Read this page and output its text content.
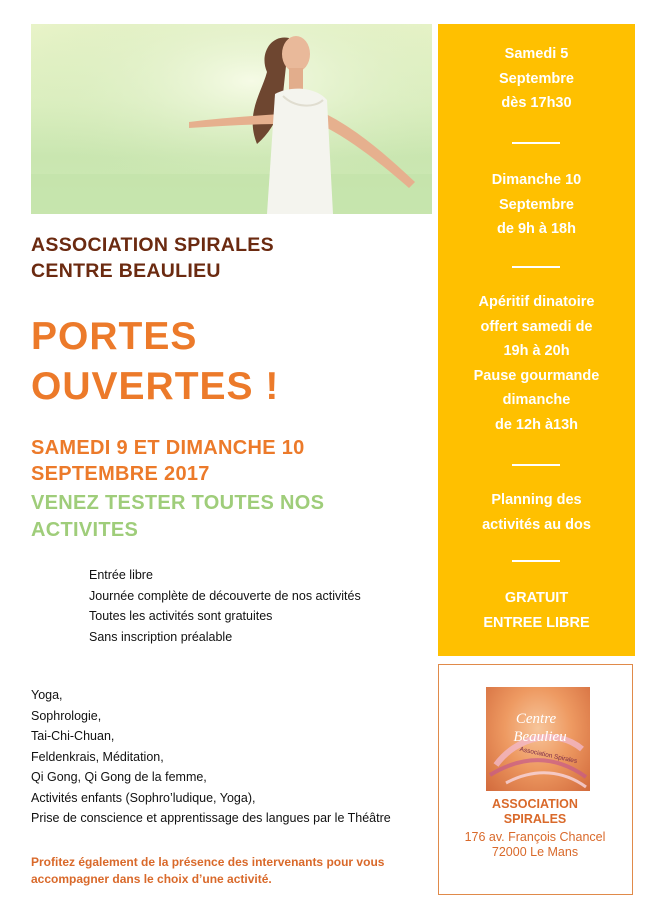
ASSOCIATION SPIRALES
CENTRE BEAULIEU
PORTES
OUVERTES !
SAMEDI 9 ET DIMANCHE 10
SEPTEMBRE 2017
VENEZ TESTER TOUTES NOS
ACTIVITES
Entrée libre
Journée complète de découverte de nos activités
Toutes les activités sont gratuites
Sans inscription préalable
Yoga,
Sophrologie,
Tai-Chi-Chuan,
Feldenkrais, Méditation,
Qi Gong, Qi Gong de la femme,
Activités enfants (Sophro’ludique, Yoga),
Prise de conscience et apprentissage des langues par le Théâtre
Profitez également de la présence des intervenants pour vous accompagner dans le choix d’une activité.
Samedi 5
Septembre
dès 17h30
Dimanche 10
Septembre
de 9h à 18h
Apéritif dinatoire
offert samedi de
19h à 20h
Pause gourmande
dimanche
de 12h à13h
Planning des
activités au dos
GRATUIT
ENTREE LIBRE
Centre
Beaulieu
Association Spirales
ASSOCIATION
SPIRALES
176 av. François Chancel
72000 Le Mans
